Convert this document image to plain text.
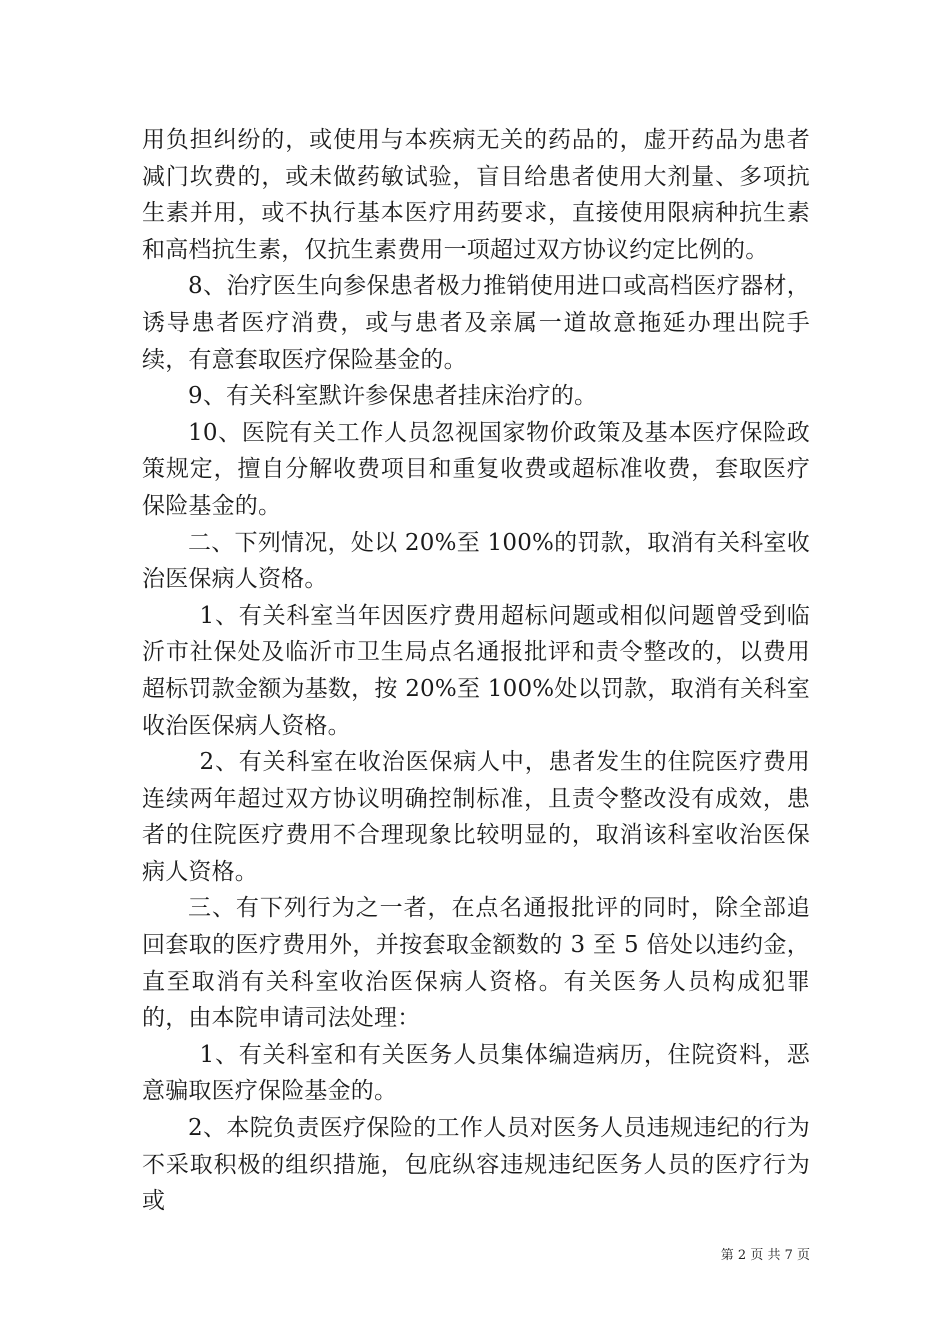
用负担纠纷的，或使用与本疾病无关的药品的，虚开药品为患者减门坎费的，或未做药敏试验，盲目给患者使用大剂量、多项抗生素并用，或不执行基本医疗用药要求，直接使用限病种抗生素和高档抗生素，仅抗生素费用一项超过双方协议约定比例的。

8、治疗医生向参保患者极力推销使用进口或高档医疗器材，诱导患者医疗消费，或与患者及亲属一道故意拖延办理出院手续，有意套取医疗保险基金的。

9、有关科室默许参保患者挂床治疗的。

10、医院有关工作人员忽视国家物价政策及基本医疗保险政策规定，擅自分解收费项目和重复收费或超标准收费，套取医疗保险基金的。

二、下列情况，处以 20%至 100%的罚款，取消有关科室收治医保病人资格。

1、有关科室当年因医疗费用超标问题或相似问题曾受到临沂市社保处及临沂市卫生局点名通报批评和责令整改的，以费用超标罚款金额为基数，按 20%至 100%处以罚款，取消有关科室收治医保病人资格。

2、有关科室在收治医保病人中，患者发生的住院医疗费用连续两年超过双方协议明确控制标准，且责令整改没有成效，患者的住院医疗费用不合理现象比较明显的，取消该科室收治医保病人资格。

三、有下列行为之一者，在点名通报批评的同时，除全部追回套取的医疗费用外，并按套取金额数的 3 至 5 倍处以违约金，直至取消有关科室收治医保病人资格。有关医务人员构成犯罪的，由本院申请司法处理：

1、有关科室和有关医务人员集体编造病历，住院资料，恶意骗取医疗保险基金的。

2、本院负责医疗保险的工作人员对医务人员违规违纪的行为不采取积极的组织措施，包庇纵容违规违纪医务人员的医疗行为或

第 2 页 共 7 页
